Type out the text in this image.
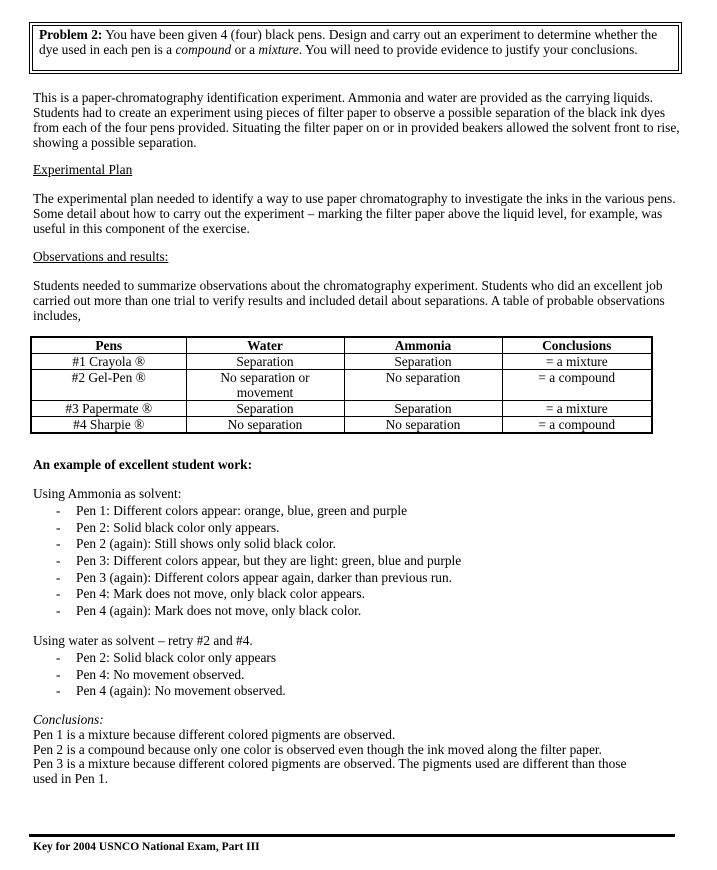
Problem 2: You have been given 4 (four) black pens. Design and carry out an experiment to determine whether the dye used in each pen is a compound or a mixture. You will need to provide evidence to justify your conclusions.
This is a paper-chromatography identification experiment. Ammonia and water are provided as the carrying liquids. Students had to create an experiment using pieces of filter paper to observe a possible separation of the black ink dyes from each of the four pens provided. Situating the filter paper on or in provided beakers allowed the solvent front to rise, showing a possible separation.
Experimental Plan
The experimental plan needed to identify a way to use paper chromatography to investigate the inks in the various pens. Some detail about how to carry out the experiment – marking the filter paper above the liquid level, for example, was useful in this component of the exercise.
Observations and results:
Students needed to summarize observations about the chromatography experiment. Students who did an excellent job carried out more than one trial to verify results and included detail about separations. A table of probable observations includes,
Pens	Water	Ammonia	Conclusions
#1 Crayola ®	Separation	Separation	= a mixture
#2 Gel-Pen ®	No separation or movement	No separation	= a compound
#3 Papermate ®	Separation	Separation	= a mixture
#4 Sharpie ®	No separation	No separation	= a compound
An example of excellent student work:
Using Ammonia as solvent:
- Pen 1: Different colors appear: orange, blue, green and purple
- Pen 2: Solid black color only appears.
- Pen 2 (again): Still shows only solid black color.
- Pen 3: Different colors appear, but they are light: green, blue and purple
- Pen 3 (again): Different colors appear again, darker than previous run.
- Pen 4: Mark does not move, only black color appears.
- Pen 4 (again): Mark does not move, only black color.
Using water as solvent – retry #2 and #4.
- Pen 2: Solid black color only appears
- Pen 4: No movement observed.
- Pen 4 (again): No movement observed.
Conclusions:
Pen 1 is a mixture because different colored pigments are observed.
Pen 2 is a compound because only one color is observed even though the ink moved along the filter paper.
Pen 3 is a mixture because different colored pigments are observed. The pigments used are different than those used in Pen 1.
Key for 2004 USNCO National Exam, Part III
